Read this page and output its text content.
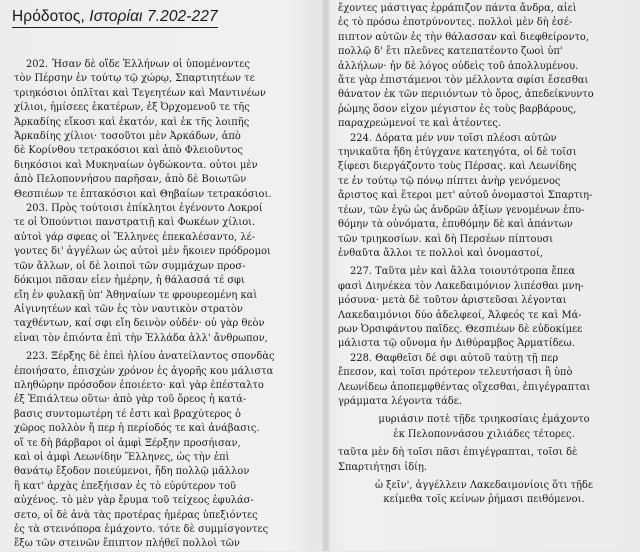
Ηρόδοτος, Ιστορίαι 7.202-227
202. Ἦσαν δὲ οἵδε Ἑλλήνων οἱ ὑπομένοντες
τὸν Πέρσην ἐν τούτῳ τῷ χώρῳ, Σπαρτιητέων τε
τριηκόσιοι ὁπλῖται καὶ Τεγεητέων καὶ Μαντινέων
χίλιοι, ἡμίσεες ἑκατέρων, ἐξ Ὀρχομενοῦ τε τῆς
Ἀρκαδίης εἴκοσι καὶ ἑκατόν, καὶ ἐκ τῆς λοιπῆς
Ἀρκαδίης χίλιοι· τοσοῦτοι μὲν Ἀρκάδων, ἀπὸ
δὲ Κορίνθου τετρακόσιοι καὶ ἀπὸ Φλειοῦντος
διηκόσιοι καὶ Μυκηναίων ὀγδώκοντα. οὗτοι μὲν
ἀπὸ Πελοποννήσου παρῆσαν, ἀπὸ δὲ Βοιωτῶν
Θεσπιέων τε ἑπτακόσιοι καὶ Θηβαίων τετρακόσιοι.
203. Πρὸς τούτοισι ἐπίκλητοι ἐγένοντο Λοκροί
τε οἱ Ὀπούντιοι πανστρατιῇ καὶ Φωκέων χίλιοι.
αὐτοὶ γάρ σφεας οἱ Ἕλληνες ἐπεκαλέσαντο, λέ-
γοντες δι' ἀγγέλων ὡς αὐτοὶ μὲν ἥκοιεν πρόδρομοι
τῶν ἄλλων, οἱ δὲ λοιποὶ τῶν συμμάχων προσ-
δόκιμοι πᾶσαν εἶεν ἡμέρην, ἡ θάλασσά τέ σφι
εἴη ἐν φυλακῇ ὑπ' Ἀθηναίων τε φρουρεομένη καὶ
Αἰγινητέων καὶ τῶν ἐς τὸν ναυτικὸν στρατὸν
ταχθέντων, καί σφι εἴη δεινὸν οὐδέν· οὐ γὰρ θεὸν
εἶναι τὸν ἐπιόντα ἐπὶ τὴν Ἑλλάδα ἀλλ' ἄνθρωπον,
223. Ξέρξης δὲ ἐπεὶ ἡλίου ἀνατείλαντος σπονδὰς
ἐποιήσατο, ἐπισχὼν χρόνον ἐς ἀγορῆς κου μάλιστα
πληθώρην πρόσοδον ἐποιέετο· καὶ γὰρ ἐπέσταλτο
ἐξ Ἐπιάλτεω οὕτω· ἀπὸ γὰρ τοῦ ὄρεος ἡ κατά-
βασις συντομωτέρη τέ ἐστι καὶ βραχύτερος ὁ
χῶρος πολλὸν ἤ περ ἡ περίοδός τε καὶ ἀνάβασις.
οἵ τε δὴ βάρβαροι οἱ ἀμφὶ Ξέρξην προσήισαν,
καὶ οἱ ἀμφὶ Λεωνίδην Ἕλληνες, ὡς τὴν ἐπὶ
θανάτῳ ἔξοδον ποιεύμενοι, ἤδη πολλῷ μᾶλλον
ἢ κατ' ἀρχὰς ἐπεξήισαν ἐς τὸ εὐρύτερον τοῦ
αὐχένος. τὸ μὲν γὰρ ἔρυμα τοῦ τείχεος ἐφυλάσ-
σετο, οἱ δὲ ἀνὰ τὰς προτέρας ἡμέρας ὑπεξιόντες
ἐς τὰ στεινόπορα ἐμάχοντο. τότε δὲ συμμίσγοντες
ἔξω τῶν στεινῶν ἔπιπτον πλήθεϊ πολλοὶ τῶν
ἔχοντες μάστιγας ἐρράπιζον πάντα ἄνδρα, αἰεὶ
ἐς τὸ πρόσω ἐποτρύνοντες. πολλοὶ μὲν δὴ ἐσέ-
πιπτον αὐτῶν ἐς τὴν θάλασσαν καὶ διεφθείροντο,
πολλῷ δ' ἔτι πλεῦνες κατεπατέοντο ζωοὶ ὑπ'
ἀλλήλων· ἦν δὲ λόγος οὐδεὶς τοῦ ἀπολλυμένου.
ἅτε γὰρ ἐπιστάμενοι τὸν μέλλοντα σφίσι ἔσεσθαι
θάνατον ἐκ τῶν περιιόντων τὸ ὄρος, ἀπεδείκνυντο
ῥώμης ὅσον εἶχον μέγιστον ἐς τοὺς βαρβάρους,
παραχρεώμενοί τε καὶ ἀτέοντες.
224. Δόρατα μέν νυν τοῖσι πλέοσι αὐτῶν
τηνικαῦτα ἤδη ἐτύγχανε κατεηγότα, οἱ δὲ τοῖσι
ξίφεσι διεργάζοντο τοὺς Πέρσας. καὶ Λεωνίδης
τε ἐν τούτῳ τῷ πόνῳ πίπτει ἀνὴρ γενόμενος
ἄριστος καὶ ἕτεροι μετ' αὐτοῦ ὀνομαστοὶ Σπαρτιη-
τέων, τῶν ἐγὼ ὡς ἀνδρῶν ἀξίων γενομένων ἐπυ-
θόμην τὰ οὐνόματα, ἐπυθόμην δὲ καὶ ἁπάντων
τῶν τριηκοσίων. καὶ δὴ Περσέων πίπτουσι
ἐνθαῦτα ἄλλοι τε πολλοὶ καὶ ὀνομαστοί,
227. Ταῦτα μὲν καὶ ἄλλα τοιουτότροπα ἔπεα
φασὶ Διηνέκεα τὸν Λακεδαιμόνιον λιπέσθαι μνη-
μόσυνα· μετὰ δὲ τοῦτον ἀριστεῦσαι λέγονται
Λακεδαιμόνιοι δύο ἀδελφεοί, Ἀλφεός τε καὶ Μά-
ρων Ὀρσιφάντου παῖδες. Θεσπιέων δὲ εὐδοκίμεε
μάλιστα τῷ οὔνομα ἦν Διθύραμβος Ἁρματίδεω.
228. Θαφθεῖσι δέ σφι αὐτοῦ ταύτῃ τῇ περ
ἔπεσον, καὶ τοῖσι πρότερον τελευτήσασι ἢ ὑπὸ
Λεωνίδεω ἀποπεμφθέντας οἴχεσθαι, ἐπιγέγραπται
γράμματα λέγοντα τάδε.
μυριάσιν ποτὲ τῇδε τριηκοσίαις ἐμάχοντο
ἐκ Πελοποννάσου χιλιάδες τέτορες.
ταῦτα μὲν δὴ τοῖσι πᾶσι ἐπιγέγραπται, τοῖσι δὲ
Σπαρτιήτῃσι ἰδίῃ.
ὦ ξεῖν', ἀγγέλλειν Λακεδαιμονίοις ὅτι τῇδε
κείμεθα τοῖς κείνων ῥήμασι πειθόμενοι.
